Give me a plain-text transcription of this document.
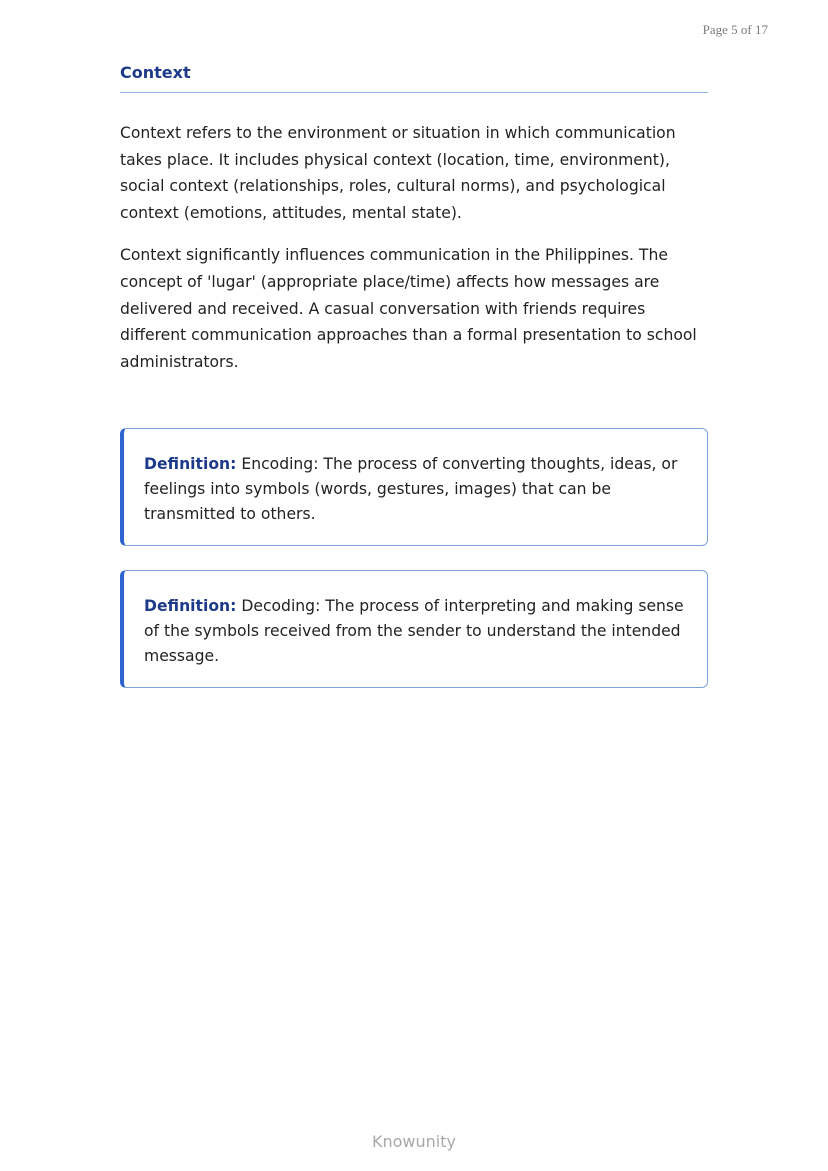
Page 5 of 17
Context

Context refers to the environment or situation in which communication takes place. It includes physical context (location, time, environment), social context (relationships, roles, cultural norms), and psychological context (emotions, attitudes, mental state).

Context significantly influences communication in the Philippines. The concept of 'lugar' (appropriate place/time) affects how messages are delivered and received. A casual conversation with friends requires different communication approaches than a formal presentation to school administrators.

Definition: Encoding: The process of converting thoughts, ideas, or feelings into symbols (words, gestures, images) that can be transmitted to others.

Definition: Decoding: The process of interpreting and making sense of the symbols received from the sender to understand the intended message.

Knowunity
